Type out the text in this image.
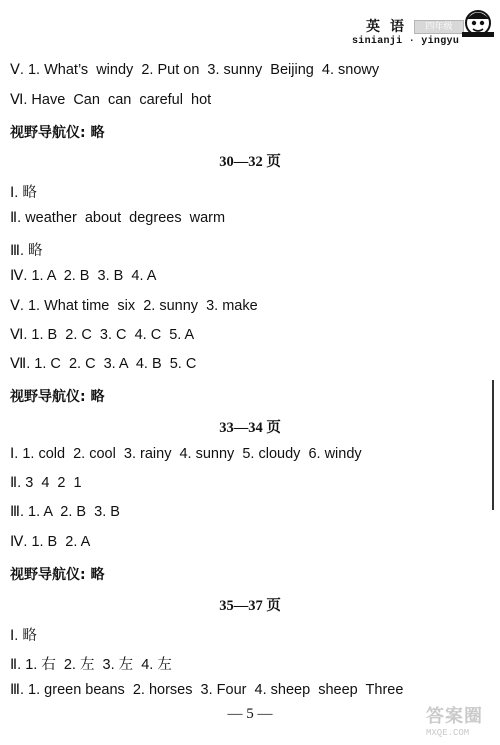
英语	四年级
sinianji · yingyu
Ⅴ. 1. What’s  windy  2. Put on  3. sunny  Beijing  4. snowy
Ⅵ. Have  Can  can  careful  hot
视野导航仪: 略
30—32 页
Ⅰ. 略
Ⅱ. weather  about  degrees  warm
Ⅲ. 略
Ⅳ. 1. A  2. B  3. B  4. A
Ⅴ. 1. What time  six  2. sunny  3. make
Ⅵ. 1. B  2. C  3. C  4. C  5. A
Ⅶ. 1. C  2. C  3. A  4. B  5. C
视野导航仪: 略
33—34 页
Ⅰ. 1. cold  2. cool  3. rainy  4. sunny  5. cloudy  6. windy
Ⅱ. 3  4  2  1
Ⅲ. 1. A  2. B  3. B
Ⅳ. 1. B  2. A
视野导航仪: 略
35—37 页
Ⅰ. 略
Ⅱ. 1. 右  2. 左  3. 左  4. 左
Ⅲ. 1. green beans  2. horses  3. Four  4. sheep  sheep  Three
— 5 —	答案圈
MXQE.COM
